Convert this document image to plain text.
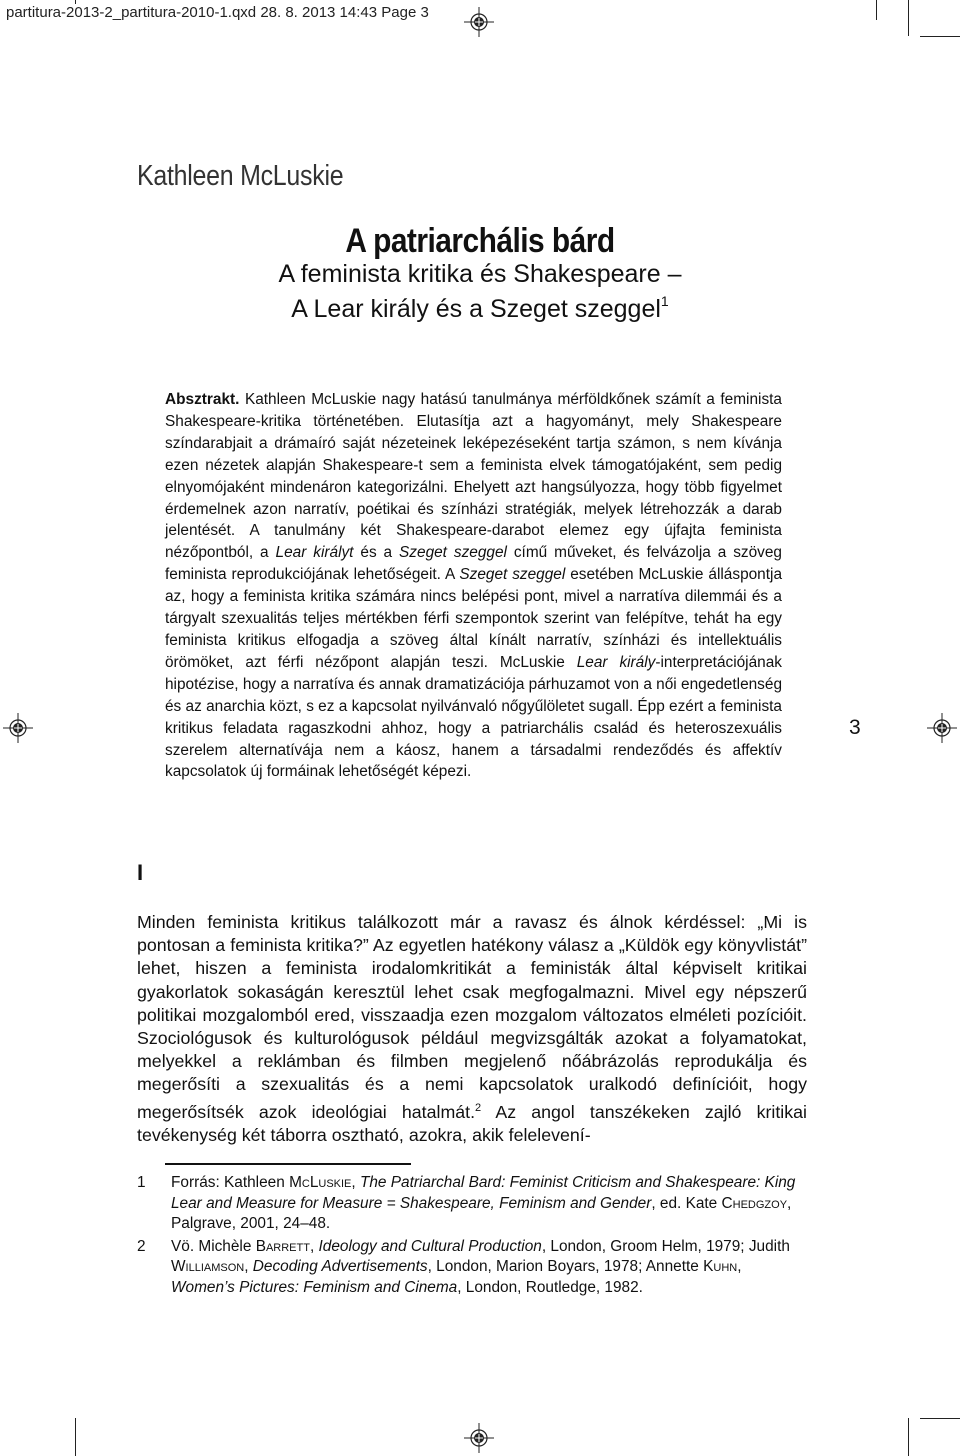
partitura-2013-2_partitura-2010-1.qxd 28. 8. 2013 14:43 Page 3
Kathleen McLuskie
A patriarchális bárd
A feminista kritika és Shakespeare –
A Lear király és a Szeget szeggel$^1$
Absztrakt. Kathleen McLuskie nagy hatású tanulmánya mérföldkőnek számít a feminista Shakespeare-kritika történetében. Elutasítja azt a hagyományt, mely Shakespeare színdarabjait a drámaíró saját nézeteinek leképezéseként tartja számon, s nem kívánja ezen nézetek alapján Shakespeare-t sem a feminista elvek támogatójaként, sem pedig elnyomójaként mindenáron kategorizálni. Ehelyett azt hangsúlyozza, hogy több figyelmet érdemelnek azon narratív, poétikai és színházi stratégiák, melyek létrehozzák a darab jelentését. A tanulmány két Shakespeare-darabot elemez egy újfajta feminista nézőpontból, a Lear királyt és a Szeget szeggel című műveket, és felvázolja a szöveg feminista reprodukciójának lehetőségeit. A Szeget szeggel esetében McLuskie álláspontja az, hogy a feminista kritika számára nincs belépési pont, mivel a narratíva dilemmái és a tárgyalt szexualitás teljes mértékben férfi szempontok szerint van felépítve, tehát ha egy feminista kritikus elfogadja a szöveg által kínált narratív, színházi és intellektuális örömöket, azt férfi nézőpont alapján teszi. McLuskie Lear király-interpretációjának hipotézise, hogy a narratíva és annak dramatizációja párhuzamot von a női engedetlenség és az anarchia közt, s ez a kapcsolat nyilvánvaló nőgyűlöletet sugall. Épp ezért a feminista kritikus feladata ragaszkodni ahhoz, hogy a patriarchális család és heteroszexuális szerelem alternatívája nem a káosz, hanem a társadalmi rendeződés és affektív kapcsolatok új formáinak lehetőségét képezi.
3
I
Minden feminista kritikus találkozott már a ravasz és álnok kérdéssel: „Mi is pontosan a feminista kritika?” Az egyetlen hatékony válasz a „Küldök egy könyvlistát” lehet, hiszen a feminista irodalomkritikát a feministák által képviselt kritikai gyakorlatok sokaságán keresztül lehet csak megfogalmazni. Mivel egy népszerű politikai mozgalomból ered, visszaadja ezen mozgalom változatos elméleti pozícióit. Szociológusok és kulturológusok például megvizsgálták azokat a folyamatokat, melyekkel a reklámban és filmben megjelenő nőábrázolás reprodukálja és megerősíti a szexualitás és a nemi kapcsolatok uralkodó definícióit, hogy megerősítsék azok ideológiai hatalmát.$^2$ Az angol tanszékeken zajló kritikai tevékenység két táborra osztható, azokra, akik felelevení-
1 Forrás: Kathleen McLuskie, The Patriarchal Bard: Feminist Criticism and Shakespeare: King Lear and Measure for Measure = Shakespeare, Feminism and Gender, ed. Kate Chedgzoy, Palgrave, 2001, 24–48.
2 Vö. Michèle Barrett, Ideology and Cultural Production, London, Groom Helm, 1979; Judith Williamson, Decoding Advertisements, London, Marion Boyars, 1978; Annette Kuhn, Women’s Pictures: Feminism and Cinema, London, Routledge, 1982.
